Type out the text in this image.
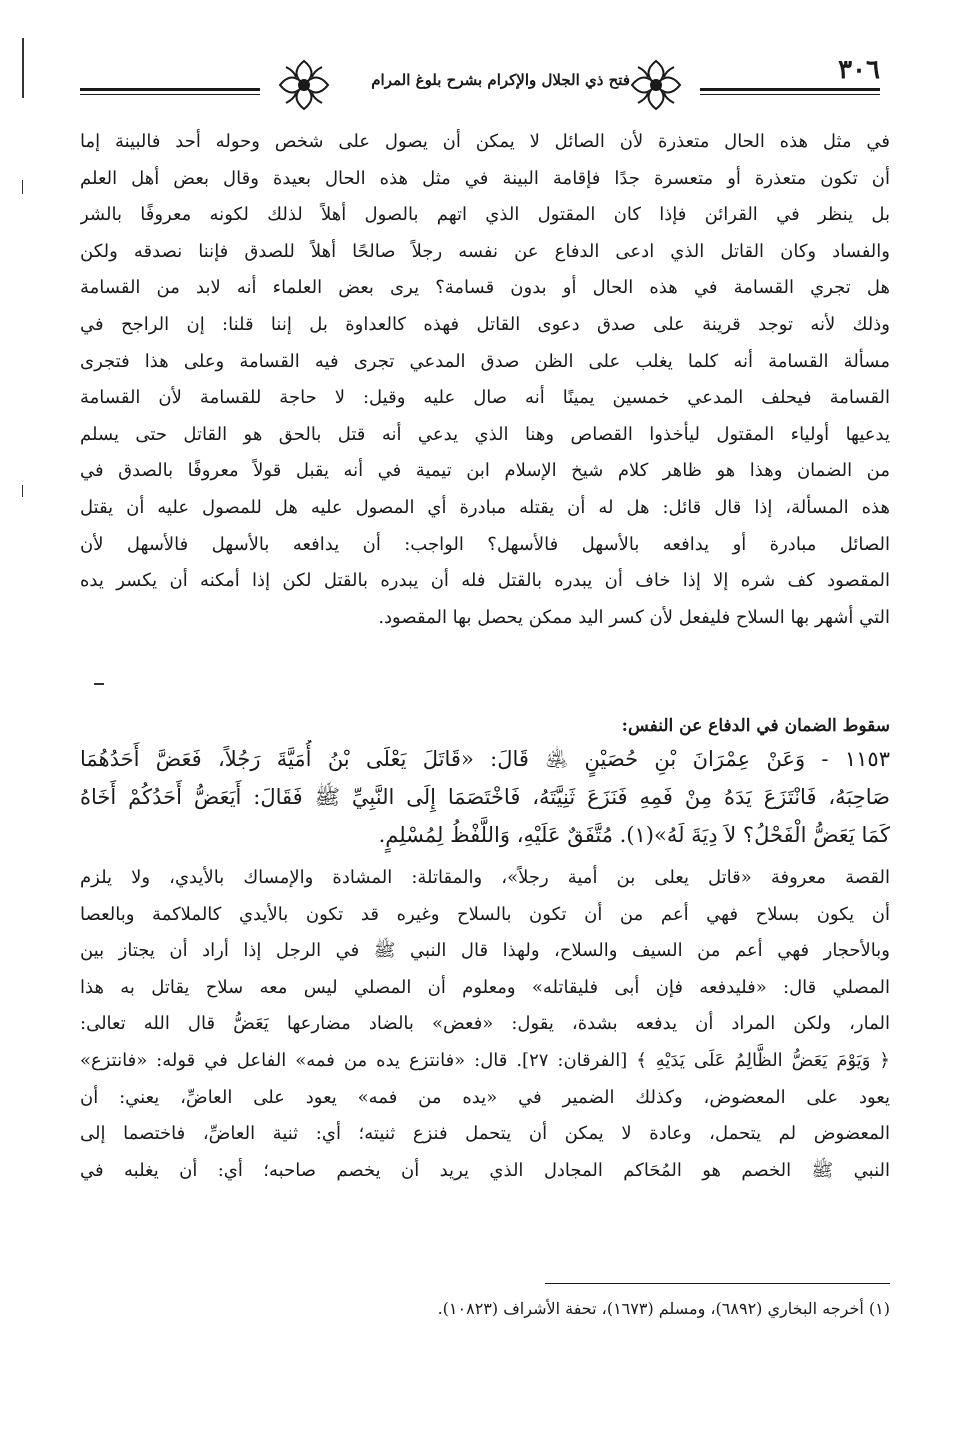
فتح ذي الجلال والإكرام بشرح بلوغ المرام	٣٠٦
في مثل هذه الحال متعذرة لأن الصائل لا يمكن أن يصول على شخص وحوله أحد فالبينة إما
أن تكون متعذرة أو متعسرة جدًا فإقامة البينة في مثل هذه الحال بعيدة وقال بعض أهل العلم
بل ينظر في القرائن فإذا كان المقتول الذي اتهم بالصول أهلاً لذلك لكونه معروفًا بالشر
والفساد وكان القاتل الذي ادعى الدفاع عن نفسه رجلاً صالحًا أهلاً للصدق فإننا نصدقه ولكن
هل تجري القسامة في هذه الحال أو بدون قسامة؟ يرى بعض العلماء أنه لابد من القسامة
وذلك لأنه توجد قرينة على صدق دعوى القاتل فهذه كالعداوة بل إننا قلنا: إن الراجح في
مسألة القسامة أنه كلما يغلب على الظن صدق المدعي تجرى فيه القسامة وعلى هذا فتجرى
القسامة فيحلف المدعي خمسين يمينًا أنه صال عليه وقيل: لا حاجة للقسامة لأن القسامة
يدعيها أولياء المقتول ليأخذوا القصاص وهنا الذي يدعي أنه قتل بالحق هو القاتل حتى يسلم
من الضمان وهذا هو ظاهر كلام شيخ الإسلام ابن تيمية في أنه يقبل قولاً معروفًا بالصدق في
هذه المسألة، إذا قال قائل: هل له أن يقتله مبادرة أي المصول عليه هل للمصول عليه أن يقتل
الصائل مبادرة أو يدافعه بالأسهل فالأسهل؟ الواجب: أن يدافعه بالأسهل فالأسهل لأن
المقصود كف شره إلا إذا خاف أن يبدره بالقتل فله أن يبدره بالقتل لكن إذا أمكنه أن يكسر يده
التي أشهر بها السلاح فليفعل لأن كسر اليد ممكن يحصل بها المقصود.
سقوط الضمان في الدفاع عن النفس:
١١٥٣ - وَعَنْ عِمْرَانَ بْنِ حُصَيْنٍ ﵁ قَالَ: «قَاتَلَ يَعْلَى بْنُ أُمَيَّةَ رَجُلاً، فَعَضَّ أَحَدُهُمَا
صَاحِبَهُ، فَانْتَزَعَ يَدَهُ مِنْ فَمِهِ فَنَزَعَ ثَنِيَّتَهُ، فَاخْتَصَمَا إِلَى النَّبِيِّ ﷺ فَقَالَ: أَيَعَضُّ أَحَدُكُمْ أَخَاهُ
كَمَا يَعَضُّ الْفَحْلُ؟ لاَ دِيَةَ لَهُ»(١). مُتَّفَقٌ عَلَيْهِ، وَاللَّفْظُ لِمُسْلِمٍ.
القصة معروفة «قاتل يعلى بن أمية رجلاً»، والمقاتلة: المشادة والإمساك بالأيدي، ولا يلزم
أن يكون بسلاح فهي أعم من أن تكون بالسلاح وغيره قد تكون بالأيدي كالملاكمة وبالعصا
وبالأحجار فهي أعم من السيف والسلاح، ولهذا قال النبي ﷺ في الرجل إذا أراد أن يجتاز بين
المصلي قال: «فليدفعه فإن أبى فليقاتله» ومعلوم أن المصلي ليس معه سلاح يقاتل به هذا
المار، ولكن المراد أن يدفعه بشدة، يقول: «فعض» بالضاد مضارعها يَعَضُّ قال الله تعالى:
﴿ وَيَوْمَ يَعَضُّ الظَّالِمُ عَلَى يَدَيْهِ ﴾ [الفرقان: ٢٧]. قال: «فانتزع يده من فمه» الفاعل في قوله: «فانتزع»
يعود على المعضوض، وكذلك الضمير في «يده من فمه» يعود على العاضِّ، يعني: أن
المعضوض لم يتحمل، وعادة لا يمكن أن يتحمل فنزع ثنيته؛ أي: ثنية العاضِّ، فاختصما إلى
النبي ﷺ الخصم هو المُحَاكم المجادل الذي يريد أن يخصم صاحبه؛ أي: أن يغلبه في
(١) أخرجه البخاري (٦٨٩٢)، ومسلم (١٦٧٣)، تحفة الأشراف (١٠٨٢٣).
